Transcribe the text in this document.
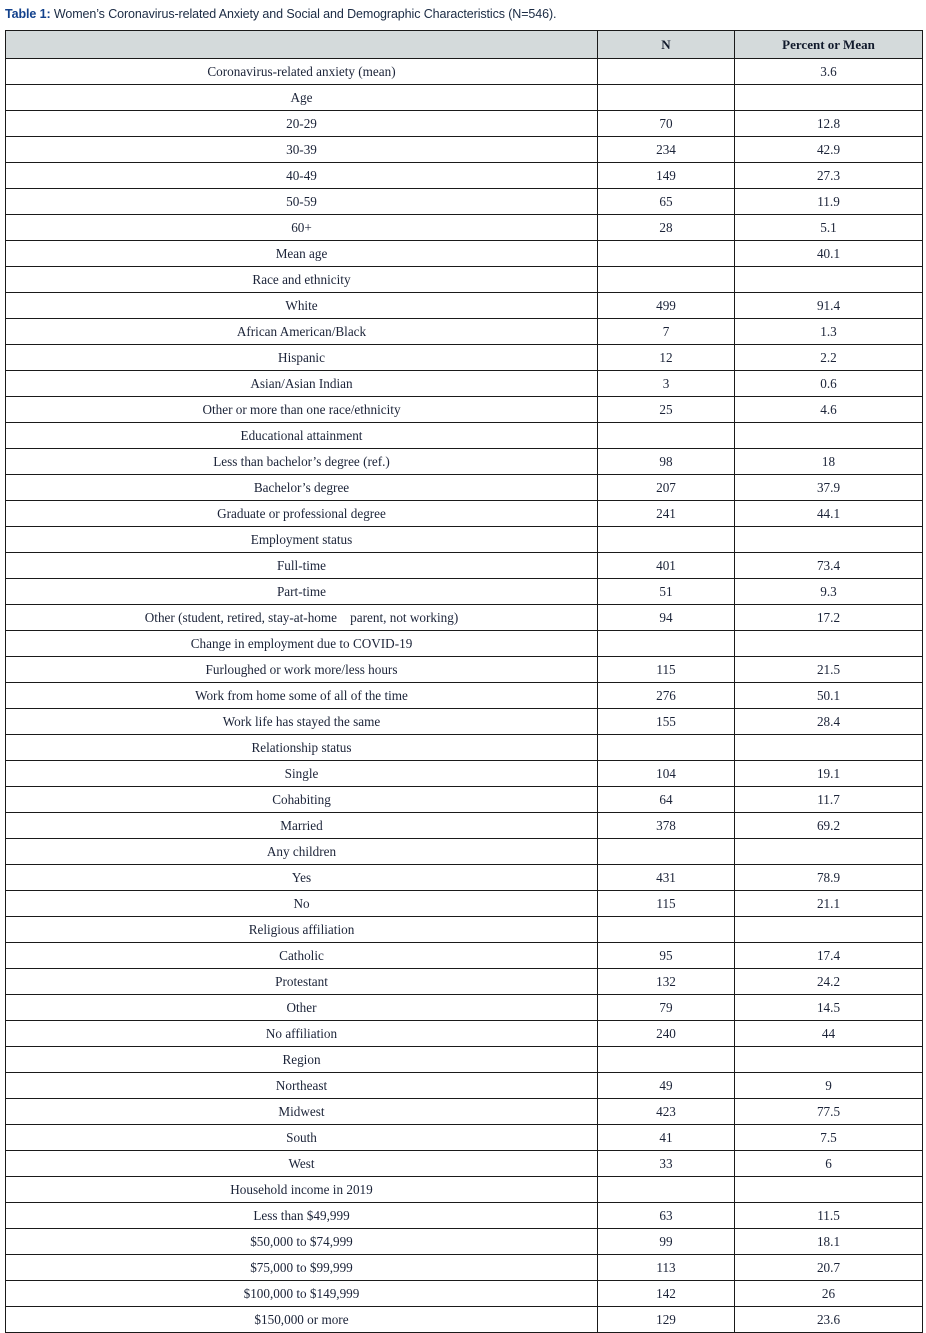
Table 1: Women’s Coronavirus-related Anxiety and Social and Demographic Characteristics (N=546).
	N	Percent or Mean
Coronavirus-related anxiety (mean)		3.6
Age		
20-29	70	12.8
30-39	234	42.9
40-49	149	27.3
50-59	65	11.9
60+	28	5.1
Mean age		40.1
Race and ethnicity		
White	499	91.4
African American/Black	7	1.3
Hispanic	12	2.2
Asian/Asian Indian	3	0.6
Other or more than one race/ethnicity	25	4.6
Educational attainment		
Less than bachelor’s degree (ref.)	98	18
Bachelor’s degree	207	37.9
Graduate or professional degree	241	44.1
Employment status		
Full-time	401	73.4
Part-time	51	9.3
Other (student, retired, stay-at-home    parent, not working)	94	17.2
Change in employment due to COVID-19		
Furloughed or work more/less hours	115	21.5
Work from home some of all of the time	276	50.1
Work life has stayed the same	155	28.4
Relationship status		
Single	104	19.1
Cohabiting	64	11.7
Married	378	69.2
Any children		
Yes	431	78.9
No	115	21.1
Religious affiliation		
Catholic	95	17.4
Protestant	132	24.2
Other	79	14.5
No affiliation	240	44
Region		
Northeast	49	9
Midwest	423	77.5
South	41	7.5
West	33	6
Household income in 2019		
Less than $49,999	63	11.5
$50,000 to $74,999	99	18.1
$75,000 to $99,999	113	20.7
$100,000 to $149,999	142	26
$150,000 or more	129	23.6
